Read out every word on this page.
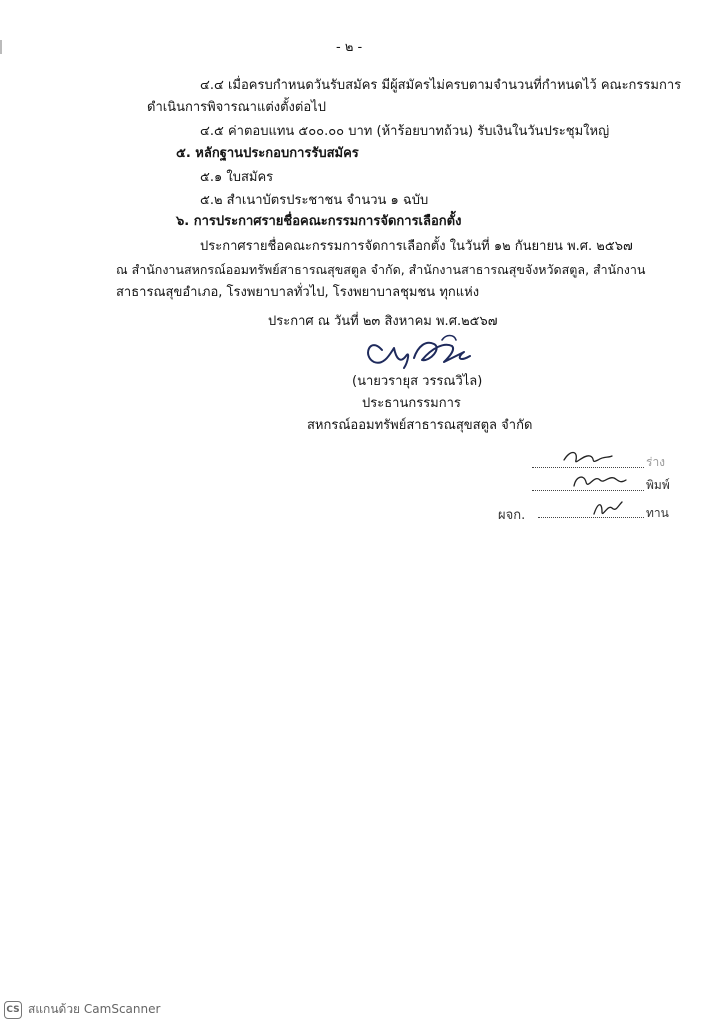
- ๒ -
๔.๔ เมื่อครบกำหนดวันรับสมัคร มีผู้สมัครไม่ครบตามจำนวนที่กำหนดไว้ คณะกรรมการ
ดำเนินการพิจารณาแต่งตั้งต่อไป
๔.๕ ค่าตอบแทน ๕๐๐.๐๐ บาท (ห้าร้อยบาทถ้วน) รับเงินในวันประชุมใหญ่
๕. หลักฐานประกอบการรับสมัคร
๕.๑ ใบสมัคร
๕.๒ สำเนาบัตรประชาชน จำนวน ๑ ฉบับ
๖. การประกาศรายชื่อคณะกรรมการจัดการเลือกตั้ง
ประกาศรายชื่อคณะกรรมการจัดการเลือกตั้ง ในวันที่ ๑๒ กันยายน พ.ศ. ๒๕๖๗
ณ สำนักงานสหกรณ์ออมทรัพย์สาธารณสุขสตูล จำกัด, สำนักงานสาธารณสุขจังหวัดสตูล, สำนักงาน
สาธารณสุขอำเภอ, โรงพยาบาลทั่วไป, โรงพยาบาลชุมชน ทุกแห่ง
ประกาศ ณ วันที่ ๒๓ สิงหาคม พ.ศ.๒๕๖๗
(นายวรายุส วรรณวิไล)
ประธานกรรมการ
สหกรณ์ออมทรัพย์สาธารณสุขสตูล จำกัด
ร่าง
พิมพ์
ผจก.	ทาน
CS สแกนด้วย CamScanner
